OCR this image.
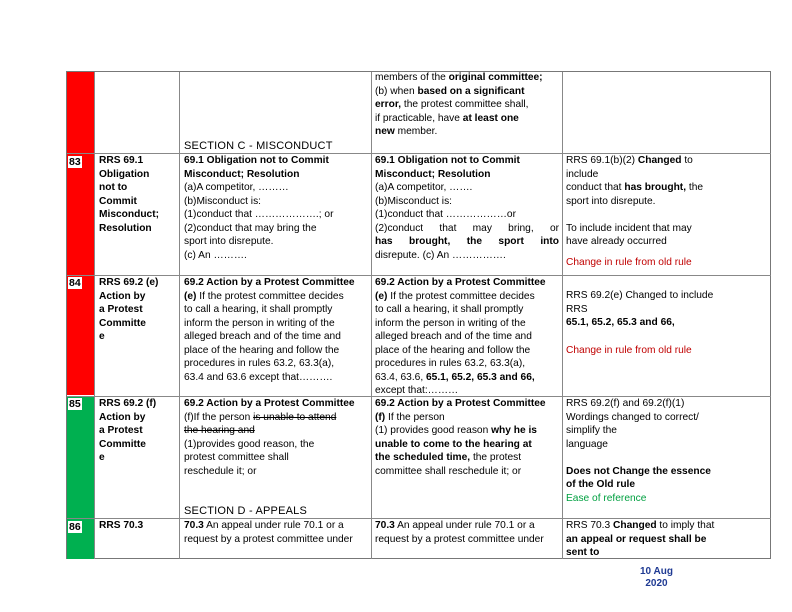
members of the original committee;

(b) when based on a significant

error, the protest committee shall,

if practicable, have at least one

new member.

SECTION C - MISCONDUCT
83 RRS 69.1

Obligation

not to

Commit

Misconduct;

Resolution

69.1 Obligation not to Commit

Misconduct; Resolution

(a)A competitor, ………

(b)Misconduct is:

(1)conduct that ……………….; or

(2)conduct that may bring the

sport into disrepute.

(c) An ……….

69.1 Obligation not to Commit

Misconduct; Resolution

(a)A competitor, …….

(b)Misconduct is:

(1)conduct that ………………or

(2)conduct that may bring, or

has brought, the sport into

disrepute. (c) An …………….

RRS 69.1(b)(2) Changed to

include

conduct that has brought, the

sport into disrepute.

To include incident that may

have already occurred

Change in rule from old rule

84 RRS 69.2 (e)

Action by

a Protest

Committe

e

69.2 Action by a Protest Committee

(e) If the protest committee decides

to call a hearing, it shall promptly

inform the person in writing of the

alleged breach and of the time and

place of the hearing and follow the

procedures in rules 63.2, 63.3(a),

63.4 and 63.6 except that……….

69.2 Action by a Protest Committee

(e) If the protest committee decides

to call a hearing, it shall promptly

inform the person in writing of the

alleged breach and of the time and

place of the hearing and follow the

procedures in rules 63.2, 63.3(a),

63.4, 63.6, 65.1, 65.2, 65.3 and 66,

except that:………

RRS 69.2(e) Changed to include

RRS

65.1, 65.2, 65.3 and 66,

Change in rule from old rule

85 RRS 69.2 (f)

Action by

a Protest

Committe

e

69.2 Action by a Protest Committee

(f)If the person is unable to attend

the hearing and

(1)provides good reason, the

protest committee shall

reschedule it; or

69.2 Action by a Protest Committee

(f) If the person

(1) provides good reason why he is

unable to come to the hearing at

the scheduled time, the protest

committee shall reschedule it; or

RRS 69.2(f) and 69.2(f)(1)

Wordings changed to correct/

simplify the

language

Does not Change the essence

of the Old rule

Ease of reference

SECTION D - APPEALS
86 RRS 70.3	70.3 An appeal under rule 70.1 or a

request by a protest committee under

70.3 An appeal under rule 70.1 or a

request by a protest committee under

RRS 70.3 Changed to imply that

an appeal or request shall be

sent to

10 Aug
2020
